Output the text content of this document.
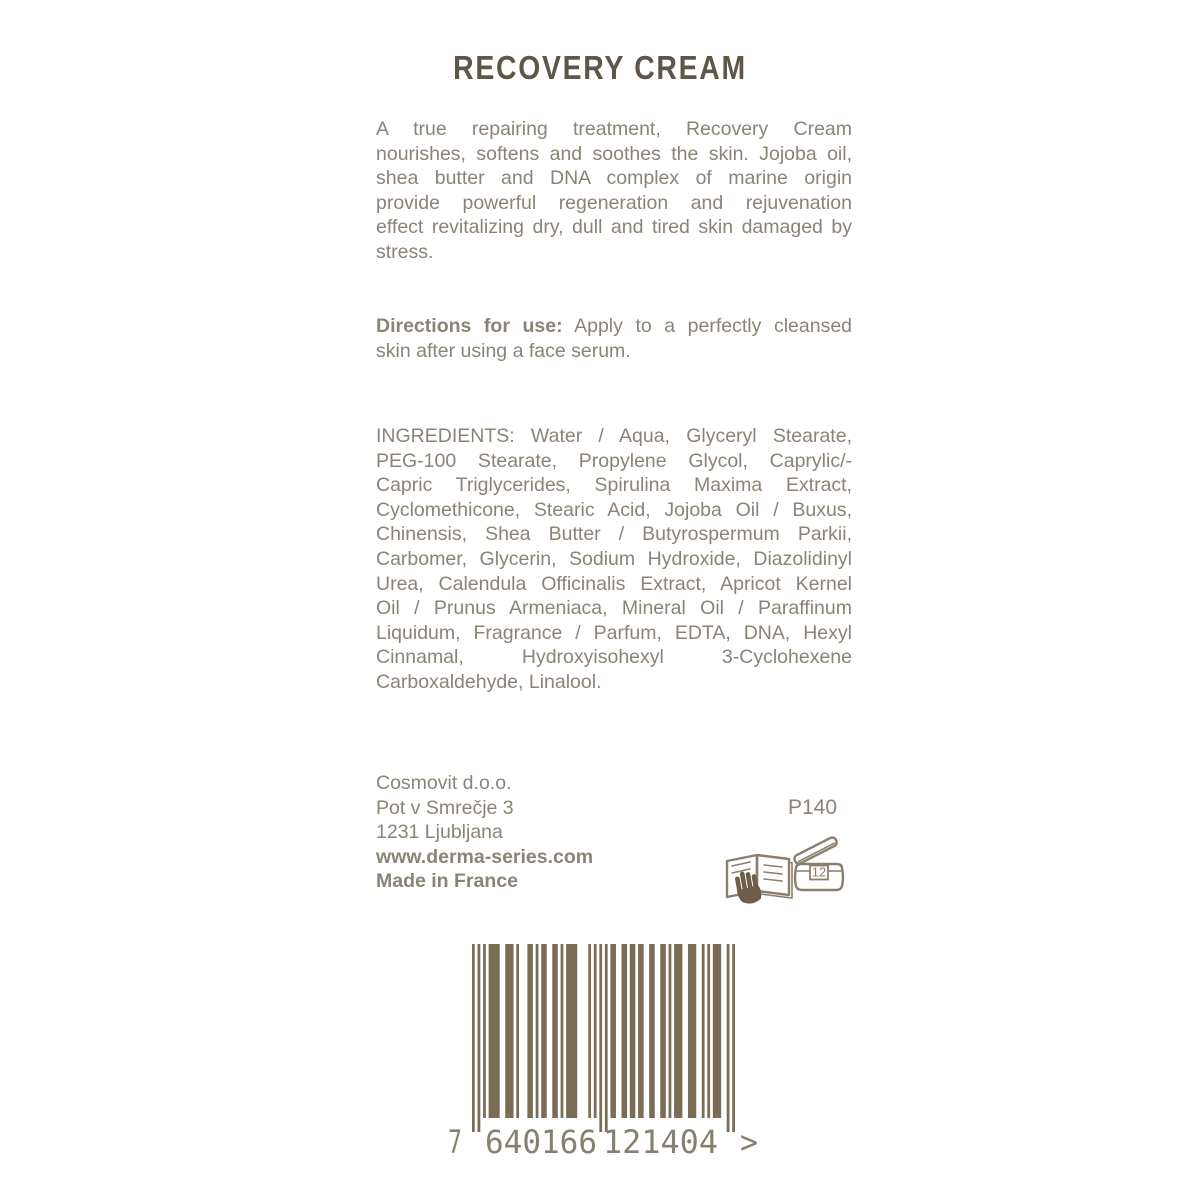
RECOVERY CREAM
A true repairing treatment, Recovery Cream
nourishes, softens and soothes the skin. Jojoba oil,
shea butter and DNA complex of marine origin
provide powerful regeneration and rejuvenation
effect revitalizing dry, dull and tired skin damaged by
stress.
Directions for use: Apply to a perfectly cleansed
skin after using a face serum.
INGREDIENTS: Water / Aqua, Glyceryl Stearate,
PEG-100 Stearate, Propylene Glycol, Caprylic/-
Capric Triglycerides, Spirulina Maxima Extract,
Cyclomethicone, Stearic Acid, Jojoba Oil / Buxus,
Chinensis, Shea Butter / Butyrospermum Parkii,
Carbomer, Glycerin, Sodium Hydroxide, Diazolidinyl
Urea, Calendula Officinalis Extract, Apricot Kernel
Oil / Prunus Armeniaca, Mineral Oil / Paraffinum
Liquidum, Fragrance / Parfum, EDTA, DNA, Hexyl
Cinnamal, Hydroxyisohexyl 3-Cyclohexene
Carboxaldehyde, Linalool.
Cosmovit d.o.o.
Pot v Smrečje 3
1231 Ljubljana
www.derma-series.com
Made in France
P140
12
7 640166 121404 >
